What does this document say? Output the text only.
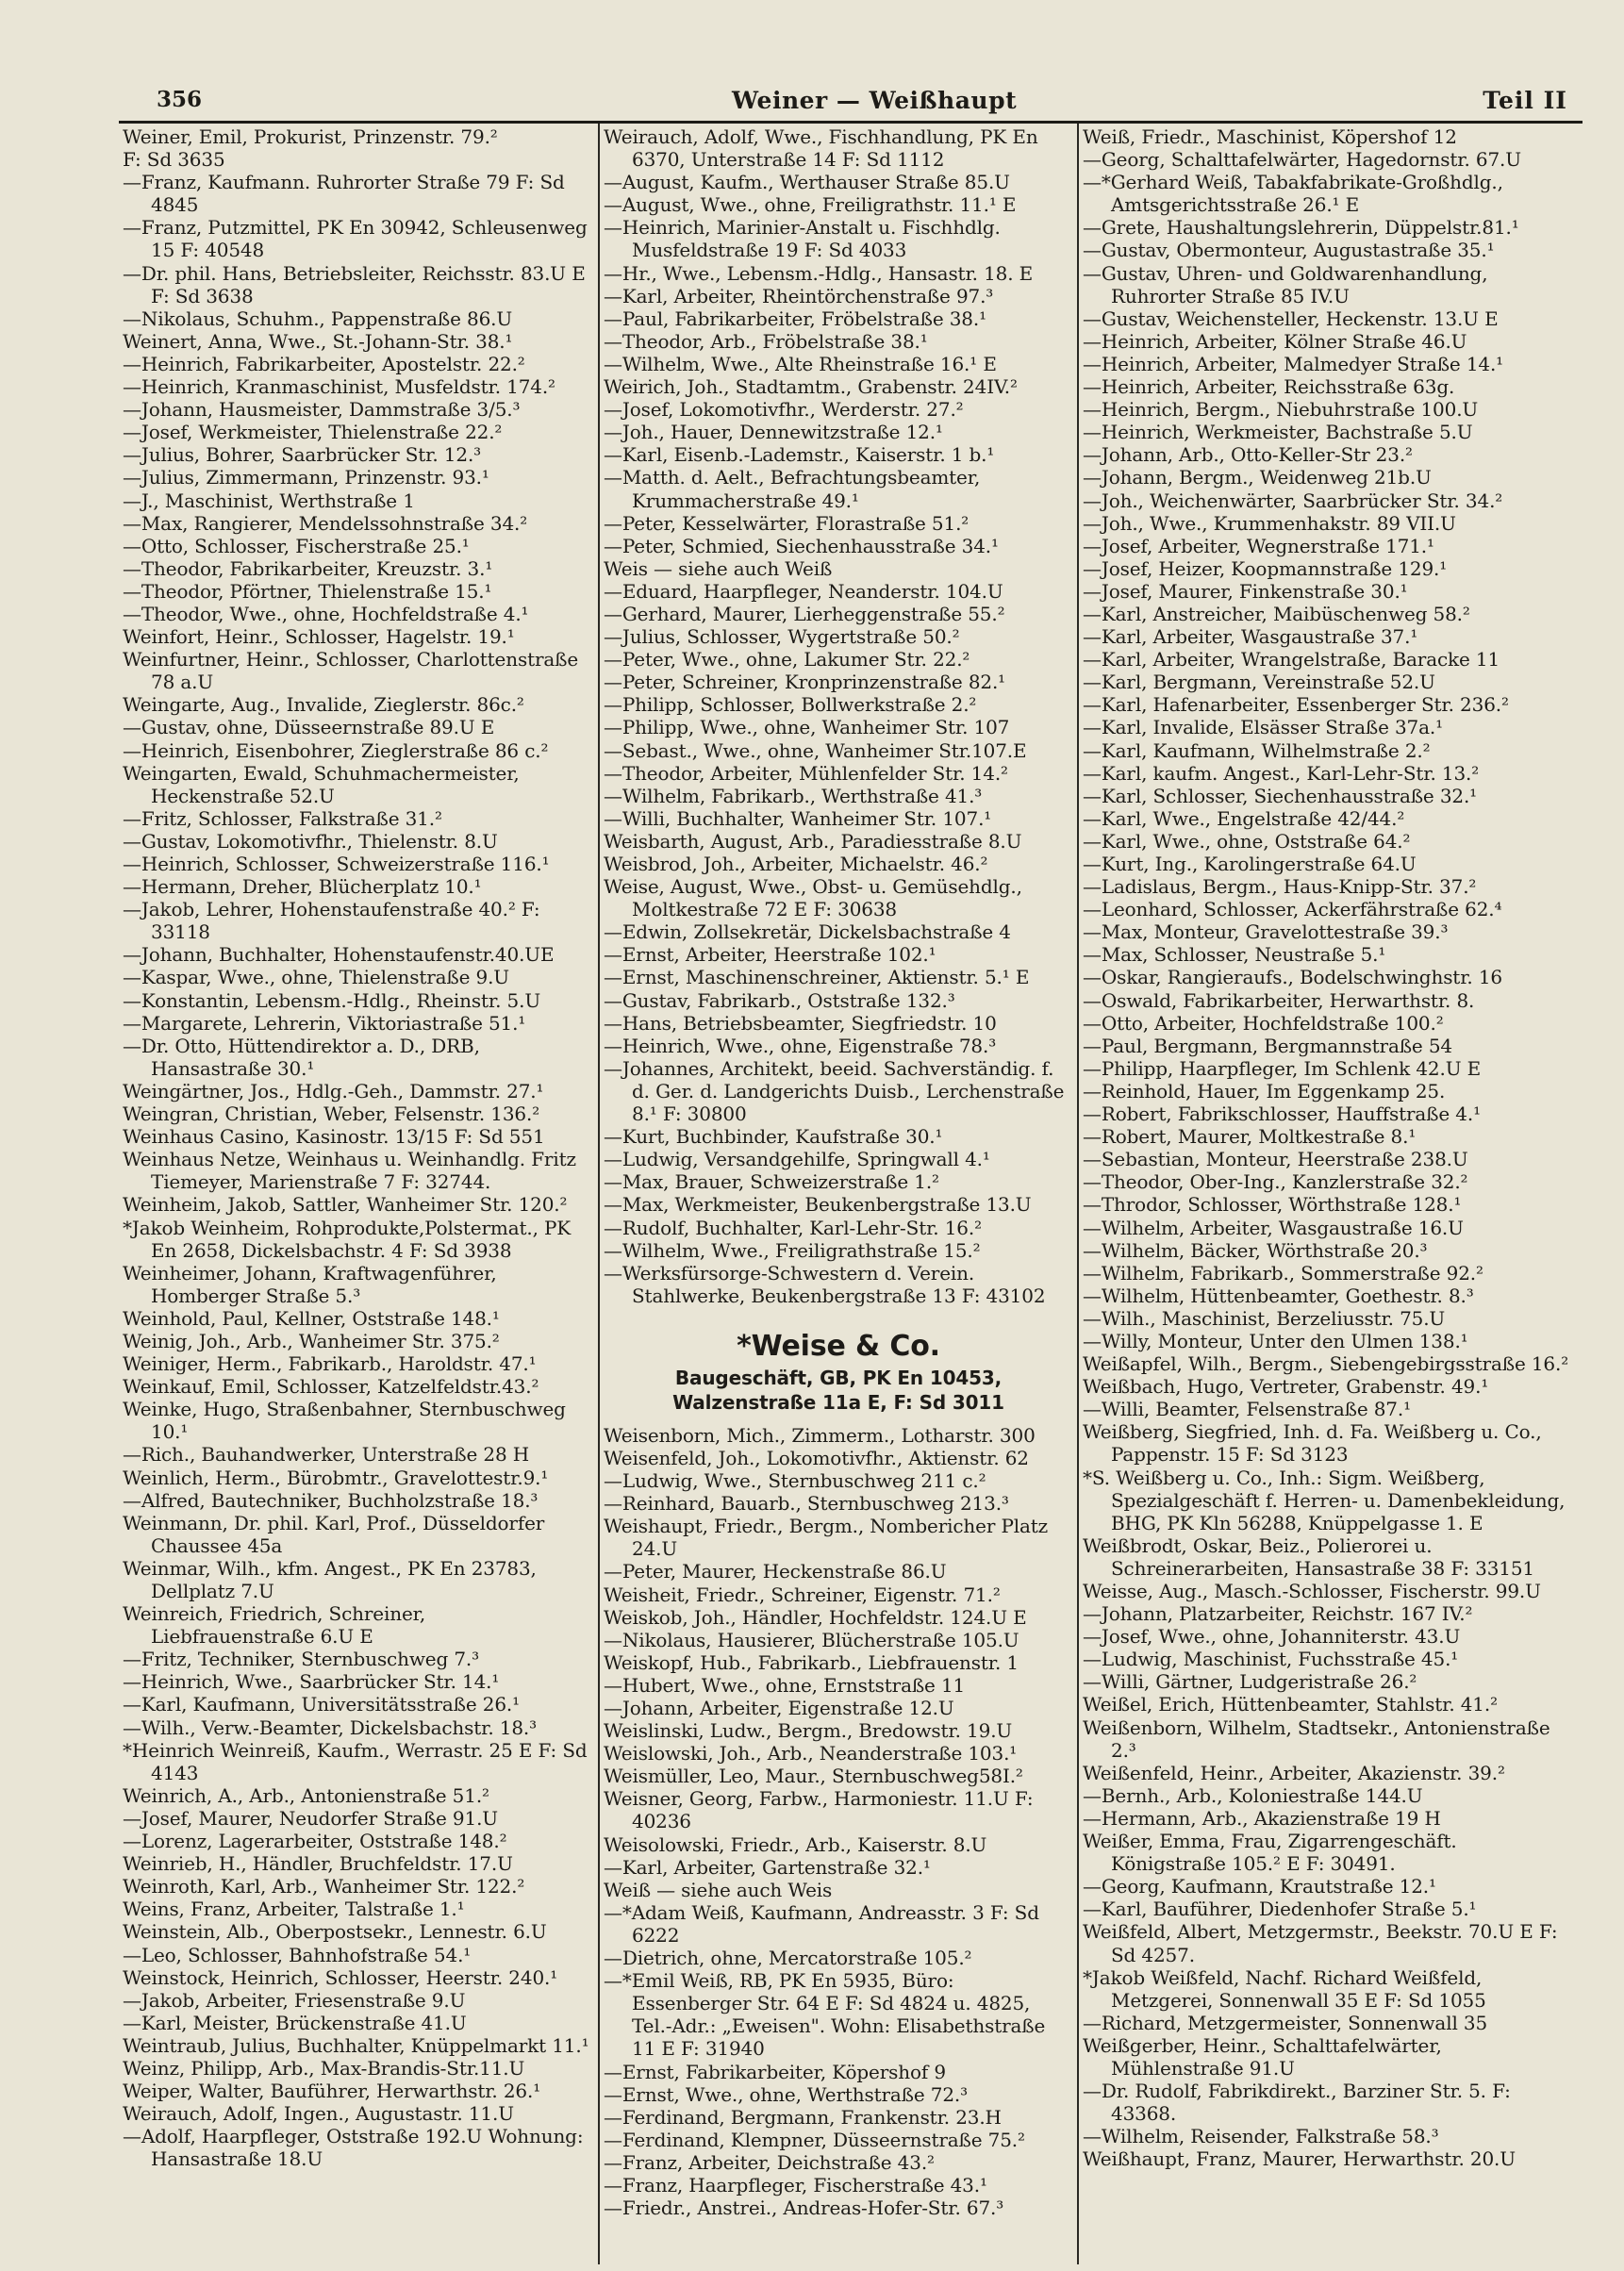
356	Weiner — Weißhaupt	Teil II

Weiner, Emil, Prokurist, Prinzenstr. 79.²

F: Sd 3635

—Franz, Kaufmann. Ruhrorter Straße 79 F: Sd 4845

—Franz, Putzmittel, PK En 30942, Schleusenweg 15 F: 40548

—Dr. phil. Hans, Betriebsleiter, Reichsstr. 83.U E F: Sd 3638

—Nikolaus, Schuhm., Pappenstraße 86.U

Weinert, Anna, Wwe., St.-Johann-Str. 38.¹

—Heinrich, Fabrikarbeiter, Apostelstr. 22.²

—Heinrich, Kranmaschinist, Musfeldstr. 174.²

—Johann, Hausmeister, Dammstraße 3/5.³

—Josef, Werkmeister, Thielenstraße 22.²

—Julius, Bohrer, Saarbrücker Str. 12.³

—Julius, Zimmermann, Prinzenstr. 93.¹

—J., Maschinist, Werthstraße 1

—Max, Rangierer, Mendelssohnstraße 34.²

—Otto, Schlosser, Fischerstraße 25.¹

—Theodor, Fabrikarbeiter, Kreuzstr. 3.¹

—Theodor, Pförtner, Thielenstraße 15.¹

—Theodor, Wwe., ohne, Hochfeldstraße 4.¹

Weinfort, Heinr., Schlosser, Hagelstr. 19.¹

Weinfurtner, Heinr., Schlosser, Charlottenstraße 78 a.U

Weingarte, Aug., Invalide, Zieglerstr. 86c.²

—Gustav, ohne, Düsseernstraße 89.U E

—Heinrich, Eisenbohrer, Zieglerstraße 86 c.²

Weingarten, Ewald, Schuhmachermeister, Heckenstraße 52.U

—Fritz, Schlosser, Falkstraße 31.²

—Gustav, Lokomotivfhr., Thielenstr. 8.U

—Heinrich, Schlosser, Schweizerstraße 116.¹

—Hermann, Dreher, Blücherplatz 10.¹

—Jakob, Lehrer, Hohenstaufenstraße 40.² F: 33118

—Johann, Buchhalter, Hohenstaufenstr.40.UE

—Kaspar, Wwe., ohne, Thielenstraße 9.U

—Konstantin, Lebensm.-Hdlg., Rheinstr. 5.U

—Margarete, Lehrerin, Viktoriastraße 51.¹

—Dr. Otto, Hüttendirektor a. D., DRB, Hansastraße 30.¹

Weingärtner, Jos., Hdlg.-Geh., Dammstr. 27.¹

Weingran, Christian, Weber, Felsenstr. 136.²

Weinhaus Casino, Kasinostr. 13/15 F: Sd 551

Weinhaus Netze, Weinhaus u. Weinhandlg. Fritz Tiemeyer, Marienstraße 7 F: 32744.

Weinheim, Jakob, Sattler, Wanheimer Str. 120.²

*Jakob Weinheim, Rohprodukte,Polstermat., PK En 2658, Dickelsbachstr. 4 F: Sd 3938

Weinheimer, Johann, Kraftwagenführer, Homberger Straße 5.³

Weinhold, Paul, Kellner, Oststraße 148.¹

Weinig, Joh., Arb., Wanheimer Str. 375.²

Weiniger, Herm., Fabrikarb., Haroldstr. 47.¹

Weinkauf, Emil, Schlosser, Katzelfeldstr.43.²

Weinke, Hugo, Straßenbahner, Sternbuschweg 10.¹

—Rich., Bauhandwerker, Unterstraße 28 H

Weinlich, Herm., Bürobmtr., Gravelottestr.9.¹

—Alfred, Bautechniker, Buchholzstraße 18.³

Weinmann, Dr. phil. Karl, Prof., Düsseldorfer Chaussee 45a

Weinmar, Wilh., kfm. Angest., PK En 23783, Dellplatz 7.U

Weinreich, Friedrich, Schreiner, Liebfrauenstraße 6.U E

—Fritz, Techniker, Sternbuschweg 7.³

—Heinrich, Wwe., Saarbrücker Str. 14.¹

—Karl, Kaufmann, Universitätsstraße 26.¹

—Wilh., Verw.-Beamter, Dickelsbachstr. 18.³

*Heinrich Weinreiß, Kaufm., Werrastr. 25 E F: Sd 4143

Weinrich, A., Arb., Antonienstraße 51.²

—Josef, Maurer, Neudorfer Straße 91.U

—Lorenz, Lagerarbeiter, Oststraße 148.²

Weinrieb, H., Händler, Bruchfeldstr. 17.U

Weinroth, Karl, Arb., Wanheimer Str. 122.²

Weins, Franz, Arbeiter, Talstraße 1.¹

Weinstein, Alb., Oberpostsekr., Lennestr. 6.U

—Leo, Schlosser, Bahnhofstraße 54.¹

Weinstock, Heinrich, Schlosser, Heerstr. 240.¹

—Jakob, Arbeiter, Friesenstraße 9.U

—Karl, Meister, Brückenstraße 41.U

Weintraub, Julius, Buchhalter, Knüppelmarkt 11.¹

Weinz, Philipp, Arb., Max-Brandis-Str.11.U

Weiper, Walter, Bauführer, Herwarthstr. 26.¹

Weirauch, Adolf, Ingen., Augustastr. 11.U

—Adolf, Haarpfleger, Oststraße 192.U Wohnung: Hansastraße 18.U

Weirauch, Adolf, Wwe., Fischhandlung, PK En 6370, Unterstraße 14 F: Sd 1112

—August, Kaufm., Werthauser Straße 85.U

—August, Wwe., ohne, Freiligrathstr. 11.¹ E

—Heinrich, Marinier-Anstalt u. Fischhdlg. Musfeldstraße 19 F: Sd 4033

—Hr., Wwe., Lebensm.-Hdlg., Hansastr. 18. E

—Karl, Arbeiter, Rheintörchenstraße 97.³

—Paul, Fabrikarbeiter, Fröbelstraße 38.¹

—Theodor, Arb., Fröbelstraße 38.¹

—Wilhelm, Wwe., Alte Rheinstraße 16.¹ E

Weirich, Joh., Stadtamtm., Grabenstr. 24IV.²

—Josef, Lokomotivfhr., Werderstr. 27.²

—Joh., Hauer, Dennewitzstraße 12.¹

—Karl, Eisenb.-Lademstr., Kaiserstr. 1 b.¹

—Matth. d. Aelt., Befrachtungsbeamter, Krummacherstraße 49.¹

—Peter, Kesselwärter, Florastraße 51.²

—Peter, Schmied, Siechenhausstraße 34.¹

Weis — siehe auch Weiß

—Eduard, Haarpfleger, Neanderstr. 104.U

—Gerhard, Maurer, Lierheggenstraße 55.²

—Julius, Schlosser, Wygertstraße 50.²

—Peter, Wwe., ohne, Lakumer Str. 22.²

—Peter, Schreiner, Kronprinzenstraße 82.¹

—Philipp, Schlosser, Bollwerkstraße 2.²

—Philipp, Wwe., ohne, Wanheimer Str. 107

—Sebast., Wwe., ohne, Wanheimer Str.107.E

—Theodor, Arbeiter, Mühlenfelder Str. 14.²

—Wilhelm, Fabrikarb., Werthstraße 41.³

—Willi, Buchhalter, Wanheimer Str. 107.¹

Weisbarth, August, Arb., Paradiesstraße 8.U

Weisbrod, Joh., Arbeiter, Michaelstr. 46.²

Weise, August, Wwe., Obst- u. Gemüsehdlg., Moltkestraße 72 E F: 30638

—Edwin, Zollsekretär, Dickelsbachstraße 4

—Ernst, Arbeiter, Heerstraße 102.¹

—Ernst, Maschinenschreiner, Aktienstr. 5.¹ E

—Gustav, Fabrikarb., Oststraße 132.³

—Hans, Betriebsbeamter, Siegfriedstr. 10

—Heinrich, Wwe., ohne, Eigenstraße 78.³

—Johannes, Architekt, beeid. Sachverständig. f. d. Ger. d. Landgerichts Duisb., Lerchenstraße 8.¹ F: 30800

—Kurt, Buchbinder, Kaufstraße 30.¹

—Ludwig, Versandgehilfe, Springwall 4.¹

—Max, Brauer, Schweizerstraße 1.²

—Max, Werkmeister, Beukenbergstraße 13.U

—Rudolf, Buchhalter, Karl-Lehr-Str. 16.²

—Wilhelm, Wwe., Freiligrathstraße 15.²

—Werksfürsorge-Schwestern d. Verein. Stahlwerke, Beukenbergstraße 13 F: 43102

*Weise & Co.
Baugeschäft, GB, PK En 10453,
Walzenstraße 11a E, F: Sd 3011

Weisenborn, Mich., Zimmerm., Lotharstr. 300

Weisenfeld, Joh., Lokomotivfhr., Aktienstr. 62

—Ludwig, Wwe., Sternbuschweg 211 c.²

—Reinhard, Bauarb., Sternbuschweg 213.³

Weishaupt, Friedr., Bergm., Nombericher Platz 24.U

—Peter, Maurer, Heckenstraße 86.U

Weisheit, Friedr., Schreiner, Eigenstr. 71.²

Weiskob, Joh., Händler, Hochfeldstr. 124.U E

—Nikolaus, Hausierer, Blücherstraße 105.U

Weiskopf, Hub., Fabrikarb., Liebfrauenstr. 1

—Hubert, Wwe., ohne, Ernststraße 11

—Johann, Arbeiter, Eigenstraße 12.U

Weislinski, Ludw., Bergm., Bredowstr. 19.U

Weislowski, Joh., Arb., Neanderstraße 103.¹

Weismüller, Leo, Maur., Sternbuschweg58I.²

Weisner, Georg, Farbw., Harmoniestr. 11.U F: 40236

Weisolowski, Friedr., Arb., Kaiserstr. 8.U

—Karl, Arbeiter, Gartenstraße 32.¹

Weiß — siehe auch Weis

—*Adam Weiß, Kaufmann, Andreasstr. 3 F: Sd 6222

—Dietrich, ohne, Mercatorstraße 105.²

—*Emil Weiß, RB, PK En 5935, Büro: Essenberger Str. 64 E F: Sd 4824 u. 4825, Tel.-Adr.: „Eweisen". Wohn: Elisabethstraße 11 E F: 31940

—Ernst, Fabrikarbeiter, Köpershof 9

—Ernst, Wwe., ohne, Werthstraße 72.³

—Ferdinand, Bergmann, Frankenstr. 23.H

—Ferdinand, Klempner, Düsseernstraße 75.²

—Franz, Arbeiter, Deichstraße 43.²

—Franz, Haarpfleger, Fischerstraße 43.¹

—Friedr., Anstrei., Andreas-Hofer-Str. 67.³

Weiß, Friedr., Maschinist, Köpershof 12

—Georg, Schalttafelwärter, Hagedornstr. 67.U

—*Gerhard Weiß, Tabakfabrikate-Großhdlg., Amtsgerichtsstraße 26.¹ E

—Grete, Haushaltungslehrerin, Düppelstr.81.¹

—Gustav, Obermonteur, Augustastraße 35.¹

—Gustav, Uhren- und Goldwarenhandlung, Ruhrorter Straße 85 IV.U

—Gustav, Weichensteller, Heckenstr. 13.U E

—Heinrich, Arbeiter, Kölner Straße 46.U

—Heinrich, Arbeiter, Malmedyer Straße 14.¹

—Heinrich, Arbeiter, Reichsstraße 63g.

—Heinrich, Bergm., Niebuhrstraße 100.U

—Heinrich, Werkmeister, Bachstraße 5.U

—Johann, Arb., Otto-Keller-Str 23.²

—Johann, Bergm., Weidenweg 21b.U

—Joh., Weichenwärter, Saarbrücker Str. 34.²

—Joh., Wwe., Krummenhakstr. 89 VII.U

—Josef, Arbeiter, Wegnerstraße 171.¹

—Josef, Heizer, Koopmannstraße 129.¹

—Josef, Maurer, Finkenstraße 30.¹

—Karl, Anstreicher, Maibüschenweg 58.²

—Karl, Arbeiter, Wasgaustraße 37.¹

—Karl, Arbeiter, Wrangelstraße, Baracke 11

—Karl, Bergmann, Vereinstraße 52.U

—Karl, Hafenarbeiter, Essenberger Str. 236.²

—Karl, Invalide, Elsässer Straße 37a.¹

—Karl, Kaufmann, Wilhelmstraße 2.²

—Karl, kaufm. Angest., Karl-Lehr-Str. 13.²

—Karl, Schlosser, Siechenhausstraße 32.¹

—Karl, Wwe., Engelstraße 42/44.²

—Karl, Wwe., ohne, Oststraße 64.²

—Kurt, Ing., Karolingerstraße 64.U

—Ladislaus, Bergm., Haus-Knipp-Str. 37.²

—Leonhard, Schlosser, Ackerfährstraße 62.⁴

—Max, Monteur, Gravelottestraße 39.³

—Max, Schlosser, Neustraße 5.¹

—Oskar, Rangieraufs., Bodelschwinghstr. 16

—Oswald, Fabrikarbeiter, Herwarthstr. 8.

—Otto, Arbeiter, Hochfeldstraße 100.²

—Paul, Bergmann, Bergmannstraße 54

—Philipp, Haarpfleger, Im Schlenk 42.U E

—Reinhold, Hauer, Im Eggenkamp 25.

—Robert, Fabrikschlosser, Hauffstraße 4.¹

—Robert, Maurer, Moltkestraße 8.¹

—Sebastian, Monteur, Heerstraße 238.U

—Theodor, Ober-Ing., Kanzlerstraße 32.²

—Throdor, Schlosser, Wörthstraße 128.¹

—Wilhelm, Arbeiter, Wasgaustraße 16.U

—Wilhelm, Bäcker, Wörthstraße 20.³

—Wilhelm, Fabrikarb., Sommerstraße 92.²

—Wilhelm, Hüttenbeamter, Goethestr. 8.³

—Wilh., Maschinist, Berzeliusstr. 75.U

—Willy, Monteur, Unter den Ulmen 138.¹

Weißapfel, Wilh., Bergm., Siebengebirgsstraße 16.²

Weißbach, Hugo, Vertreter, Grabenstr. 49.¹

—Willi, Beamter, Felsenstraße 87.¹

Weißberg, Siegfried, Inh. d. Fa. Weißberg u. Co., Pappenstr. 15 F: Sd 3123

*S. Weißberg u. Co., Inh.: Sigm. Weißberg, Spezialgeschäft f. Herren- u. Damenbekleidung, BHG, PK Kln 56288, Knüppelgasse 1. E

Weißbrodt, Oskar, Beiz., Polierorei u. Schreinerarbeiten, Hansastraße 38 F: 33151

Weisse, Aug., Masch.-Schlosser, Fischerstr. 99.U

—Johann, Platzarbeiter, Reichstr. 167 IV.²

—Josef, Wwe., ohne, Johanniterstr. 43.U

—Ludwig, Maschinist, Fuchsstraße 45.¹

—Willi, Gärtner, Ludgeristraße 26.²

Weißel, Erich, Hüttenbeamter, Stahlstr. 41.²

Weißenborn, Wilhelm, Stadtsekr., Antonienstraße 2.³

Weißenfeld, Heinr., Arbeiter, Akazienstr. 39.²

—Bernh., Arb., Koloniestraße 144.U

—Hermann, Arb., Akazienstraße 19 H

Weißer, Emma, Frau, Zigarrengeschäft. Königstraße 105.² E F: 30491.

—Georg, Kaufmann, Krautstraße 12.¹

—Karl, Bauführer, Diedenhofer Straße 5.¹

Weißfeld, Albert, Metzgermstr., Beekstr. 70.U E F: Sd 4257.

*Jakob Weißfeld, Nachf. Richard Weißfeld, Metzgerei, Sonnenwall 35 E F: Sd 1055

—Richard, Metzgermeister, Sonnenwall 35

Weißgerber, Heinr., Schalttafelwärter, Mühlenstraße 91.U

—Dr. Rudolf, Fabrikdirekt., Barziner Str. 5. F: 43368.

—Wilhelm, Reisender, Falkstraße 58.³

Weißhaupt, Franz, Maurer, Herwarthstr. 20.U
